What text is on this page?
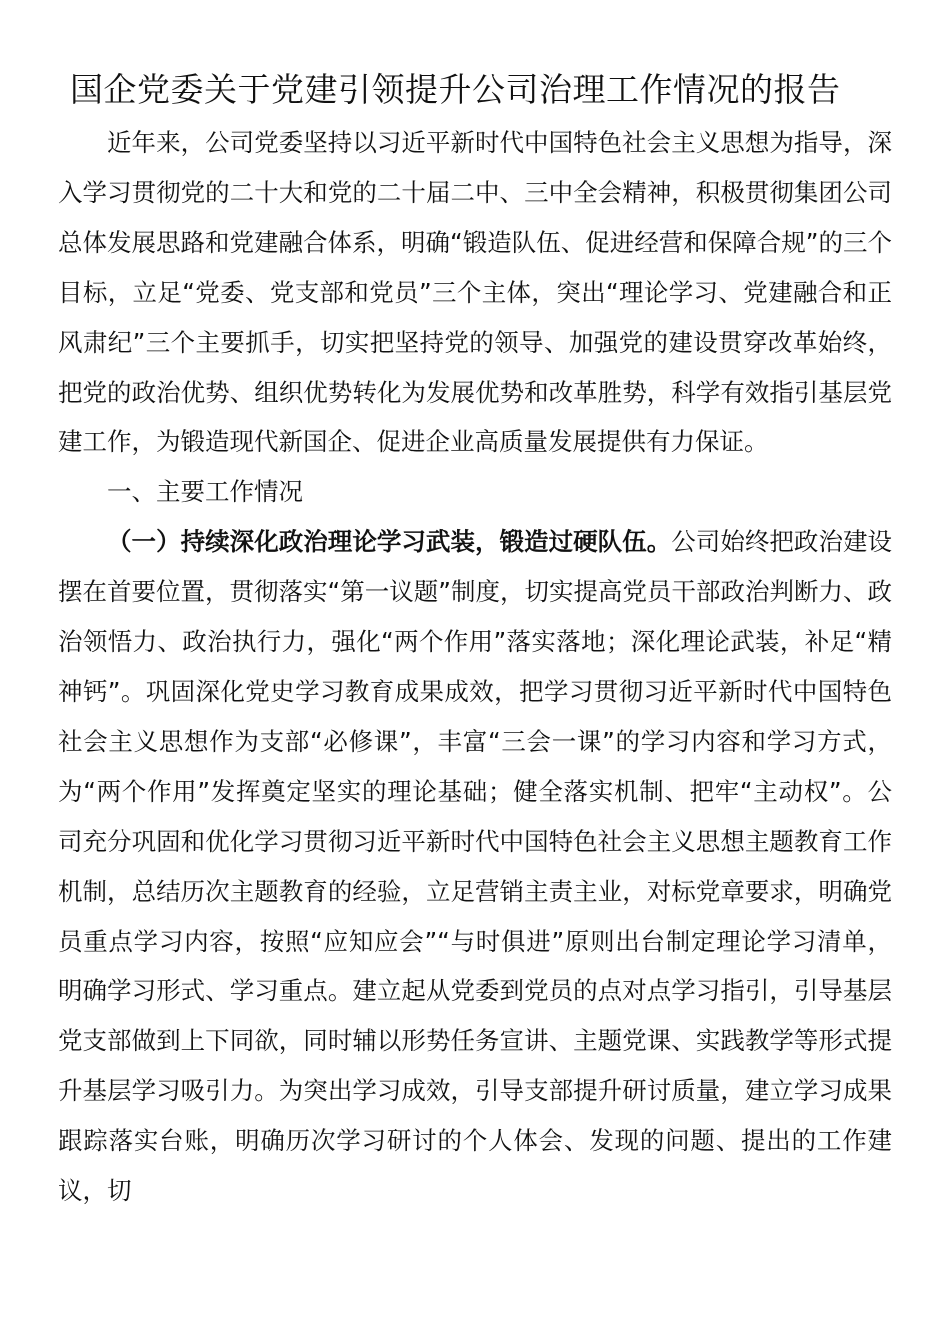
国企党委关于党建引领提升公司治理工作情况的报告

近年来，公司党委坚持以习近平新时代中国特色社会主义思想为指导，深入学习贯彻党的二十大和党的二十届二中、三中全会精神，积极贯彻集团公司总体发展思路和党建融合体系，明确“锻造队伍、促进经营和保障合规”的三个目标，立足“党委、党支部和党员”三个主体，突出“理论学习、党建融合和正风肃纪”三个主要抓手，切实把坚持党的领导、加强党的建设贯穿改革始终，把党的政治优势、组织优势转化为发展优势和改革胜势，科学有效指引基层党建工作，为锻造现代新国企、促进企业高质量发展提供有力保证。

一、主要工作情况

（一）持续深化政治理论学习武装，锻造过硬队伍。公司始终把政治建设摆在首要位置，贯彻落实“第一议题”制度，切实提高党员干部政治判断力、政治领悟力、政治执行力，强化“两个作用”落实落地；深化理论武装，补足“精神钙”。巩固深化党史学习教育成果成效，把学习贯彻习近平新时代中国特色社会主义思想作为支部“必修课”，丰富“三会一课”的学习内容和学习方式，为“两个作用”发挥奠定坚实的理论基础；健全落实机制、把牢“主动权”。公司充分巩固和优化学习贯彻习近平新时代中国特色社会主义思想主题教育工作机制，总结历次主题教育的经验，立足营销主责主业，对标党章要求，明确党员重点学习内容，按照“应知应会”“与时俱进”原则出台制定理论学习清单，明确学习形式、学习重点。建立起从党委到党员的点对点学习指引，引导基层党支部做到上下同欲，同时辅以形势任务宣讲、主题党课、实践教学等形式提升基层学习吸引力。为突出学习成效，引导支部提升研讨质量，建立学习成果跟踪落实台账，明确历次学习研讨的个人体会、发现的问题、提出的工作建议，切
